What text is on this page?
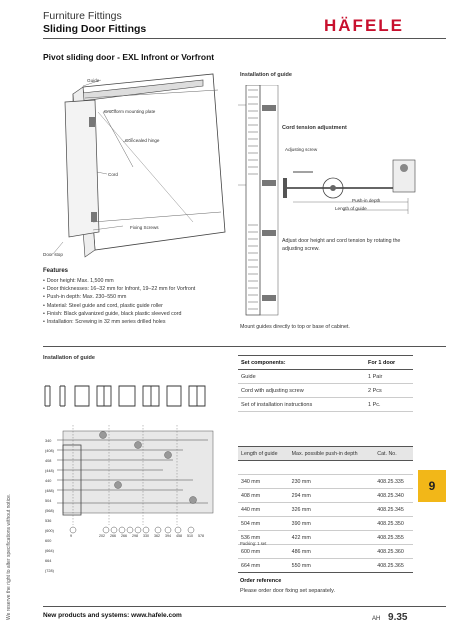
Furniture Fittings
Sliding Door Fittings	HÄFELE
Pivot sliding door - EXL Infront or Vorfront
Guide
Cruciform mounting plate
Concealed hinge
Cord
Fixing Screws
Door stop
Installation of guide
Cord tension adjustment
Adjusting screw
Push-in depth
Length of guide
Adjust door height and cord tension by rotating the adjusting screw.
Features
• Door height: Max. 1,500 mm
• Door thicknesses: 16–32 mm for Infront, 19–22 mm for Vorfront
• Push-in depth: Max. 230–550 mm
• Material: Steel guide and cord, plastic guide roller
• Finish: Black galvanized guide, black plastic sleeved cord
• Installation: Screwing in 32 mm series drilled holes
Mount guides directly to top or base of cabinet.
Installation of guide
340 (408)
408 (448)
440 (488)
504 (568)
536 (600)
600 (664)
664 (728)
9	202 266 266 298 330 362 394 458 510 578
Set components:	For 1 door
Guide	1 Pair
Cord with adjusting screw	2 Pcs
Set of installation instructions	1 Pc.
Length of guide	Max. possible push-in depth	Cat. No.

340 mm	230 mm	408.25.335
408 mm	294 mm	408.25.340
440 mm	326 mm	408.25.345
504 mm	390 mm	408.25.350
536 mm	422 mm	408.25.355
600 mm	486 mm	408.25.360
664 mm	550 mm	408.25.365
Packing: 1 set
Order reference
Please order door fixing set separately.
9
We reserve the right to alter specifications without notice.	New products and systems: www.hafele.com	AH 9.35
